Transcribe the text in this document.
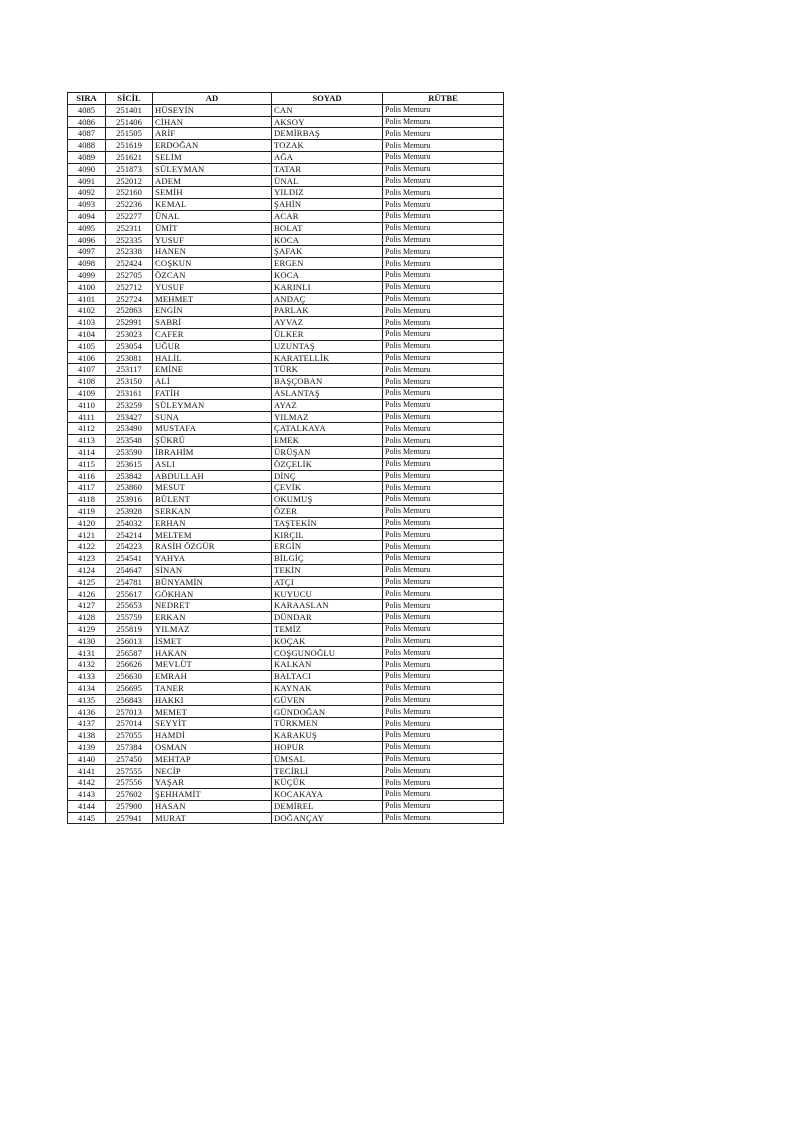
SIRA	SİCİL	AD	SOYAD	RÜTBE
4085	251401	HÜSEYİN	CAN	Polis Memuru
4086	251406	CİHAN	AKSOY	Polis Memuru
4087	251505	ARİF	DEMİRBAŞ	Polis Memuru
4088	251619	ERDOĞAN	TOZAK	Polis Memuru
4089	251621	SELİM	AĞA	Polis Memuru
4090	251873	SÜLEYMAN	TATAR	Polis Memuru
4091	252012	ADEM	ÜNAL	Polis Memuru
4092	252160	SEMİH	YILDIZ	Polis Memuru
4093	252236	KEMAL	ŞAHİN	Polis Memuru
4094	252277	ÜNAL	ACAR	Polis Memuru
4095	252311	ÜMİT	BOLAT	Polis Memuru
4096	252335	YUSUF	KOCA	Polis Memuru
4097	252338	HANEN	ŞAFAK	Polis Memuru
4098	252424	COŞKUN	ERGEN	Polis Memuru
4099	252705	ÖZCAN	KOCA	Polis Memuru
4100	252712	YUSUF	KARINLI	Polis Memuru
4101	252724	MEHMET	ANDAÇ	Polis Memuru
4102	252863	ENGİN	PARLAK	Polis Memuru
4103	252991	SABRİ	AYVAZ	Polis Memuru
4104	253023	CAFER	ÜLKER	Polis Memuru
4105	253054	UĞUR	UZUNTAŞ	Polis Memuru
4106	253081	HALİL	KARATELLİK	Polis Memuru
4107	253117	EMİNE	TÜRK	Polis Memuru
4108	253150	ALİ	BAŞÇOBAN	Polis Memuru
4109	253161	FATİH	ASLANTAŞ	Polis Memuru
4110	253259	SÜLEYMAN	AYAZ	Polis Memuru
4111	253427	SUNA	YILMAZ	Polis Memuru
4112	253490	MUSTAFA	ÇATALKAYA	Polis Memuru
4113	253548	ŞÜKRÜ	EMEK	Polis Memuru
4114	253590	İBRAHİM	ÜRÜŞAN	Polis Memuru
4115	253615	ASLI	ÖZÇELİK	Polis Memuru
4116	253842	ABDULLAH	DİNÇ	Polis Memuru
4117	253860	MESUT	ÇEVİK	Polis Memuru
4118	253916	BÜLENT	OKUMUŞ	Polis Memuru
4119	253928	SERKAN	ÖZER	Polis Memuru
4120	254032	ERHAN	TAŞTEKİN	Polis Memuru
4121	254214	MELTEM	KIRÇIL	Polis Memuru
4122	254223	RASİH ÖZGÜR	ERGİN	Polis Memuru
4123	254541	YAHYA	BİLGİÇ	Polis Memuru
4124	254647	SİNAN	TEKİN	Polis Memuru
4125	254781	BÜNYAMİN	ATÇI	Polis Memuru
4126	255617	GÖKHAN	KUYUCU	Polis Memuru
4127	255653	NEDRET	KARAASLAN	Polis Memuru
4128	255759	ERKAN	DÜNDAR	Polis Memuru
4129	255819	YILMAZ	TEMİZ	Polis Memuru
4130	256013	İSMET	KOÇAK	Polis Memuru
4131	256587	HAKAN	COŞGUNOĞLU	Polis Memuru
4132	256626	MEVLÜT	KALKAN	Polis Memuru
4133	256630	EMRAH	BALTACI	Polis Memuru
4134	256695	TANER	KAYNAK	Polis Memuru
4135	256843	HAKKI	GÜVEN	Polis Memuru
4136	257013	MEMET	GÜNDOĞAN	Polis Memuru
4137	257014	SEYYİT	TÜRKMEN	Polis Memuru
4138	257055	HAMDİ	KARAKUŞ	Polis Memuru
4139	257384	OSMAN	HOPUR	Polis Memuru
4140	257450	MEHTAP	ÜMSAL	Polis Memuru
4141	257555	NECİP	TECİRLİ	Polis Memuru
4142	257556	YAŞAR	KÜÇÜK	Polis Memuru
4143	257602	ŞEHHAMİT	KOCAKAYA	Polis Memuru
4144	257900	HASAN	DEMİREL	Polis Memuru
4145	257941	MURAT	DOĞANÇAY	Polis Memuru
